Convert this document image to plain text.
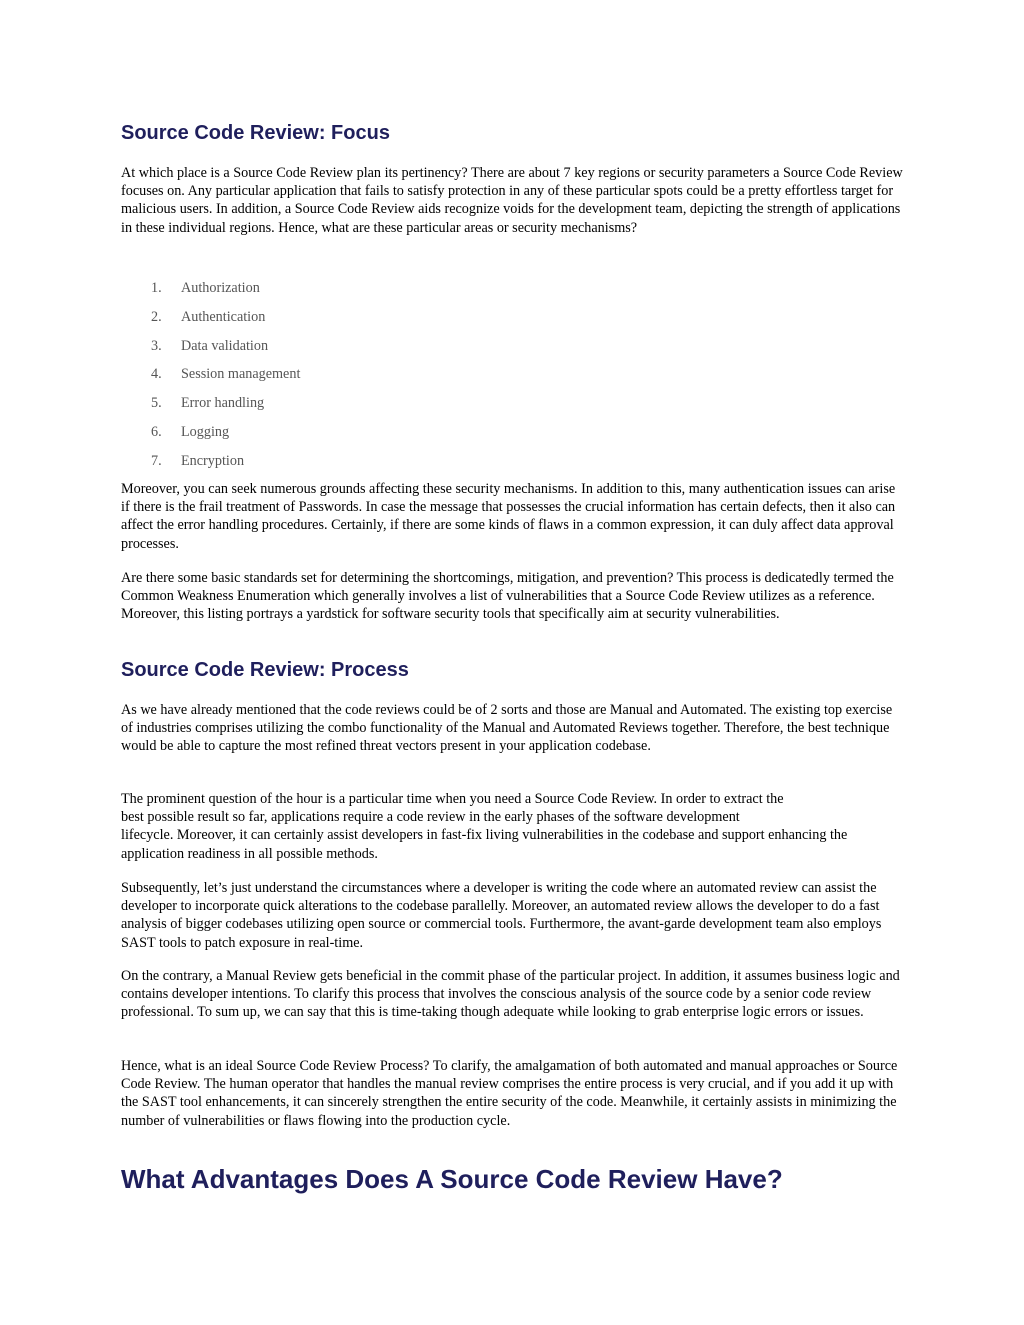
Source Code Review: Focus

At which place is a Source Code Review plan its pertinency? There are about 7 key regions or security parameters a Source Code Review focuses on. Any particular application that fails to satisfy protection in any of these particular spots could be a pretty effortless target for malicious users. In addition, a Source Code Review aids recognize voids for the development team, depicting the strength of applications in these individual regions. Hence, what are these particular areas or security mechanisms?

1.	Authorization
2.	Authentication
3.	Data validation
4.	Session management
5.	Error handling
6.	Logging
7.	Encryption

Moreover, you can seek numerous grounds affecting these security mechanisms. In addition to this, many authentication issues can arise if there is the frail treatment of Passwords. In case the message that possesses the crucial information has certain defects, then it also can affect the error handling procedures. Certainly, if there are some kinds of flaws in a common expression, it can duly affect data approval processes.

Are there some basic standards set for determining the shortcomings, mitigation, and prevention? This process is dedicatedly termed the Common Weakness Enumeration which generally involves a list of vulnerabilities that a Source Code Review utilizes as a reference. Moreover, this listing portrays a yardstick for software security tools that specifically aim at security vulnerabilities.

Source Code Review: Process

As we have already mentioned that the code reviews could be of 2 sorts and those are Manual and Automated. The existing top exercise of industries comprises utilizing the combo functionality of the Manual and Automated Reviews together. Therefore, the best technique would be able to capture the most refined threat vectors present in your application codebase.

The prominent question of the hour is a particular time when you need a Source Code Review. In order to extract the best possible result so far, applications require a code review in the early phases of the software development

lifecycle. Moreover, it can certainly assist developers in fast-fix living vulnerabilities in the codebase and support enhancing the application readiness in all possible methods.

Subsequently, let’s just understand the circumstances where a developer is writing the code where an automated review can assist the developer to incorporate quick alterations to the codebase parallelly. Moreover, an automated review allows the developer to do a fast analysis of bigger codebases utilizing open source or commercial tools. Furthermore, the avant-garde development team also employs SAST tools to patch exposure in real-time.

On the contrary, a Manual Review gets beneficial in the commit phase of the particular project. In addition, it assumes business logic and contains developer intentions. To clarify this process that involves the conscious analysis of the source code by a senior code review professional. To sum up, we can say that this is time-taking though adequate while looking to grab enterprise logic errors or issues.

Hence, what is an ideal Source Code Review Process? To clarify, the amalgamation of both automated and manual approaches or Source Code Review. The human operator that handles the manual review comprises the entire process is very crucial, and if you add it up with the SAST tool enhancements, it can sincerely strengthen the entire security of the code. Meanwhile, it certainly assists in minimizing the number of vulnerabilities or flaws flowing into the production cycle.

What Advantages Does A Source Code Review Have?
